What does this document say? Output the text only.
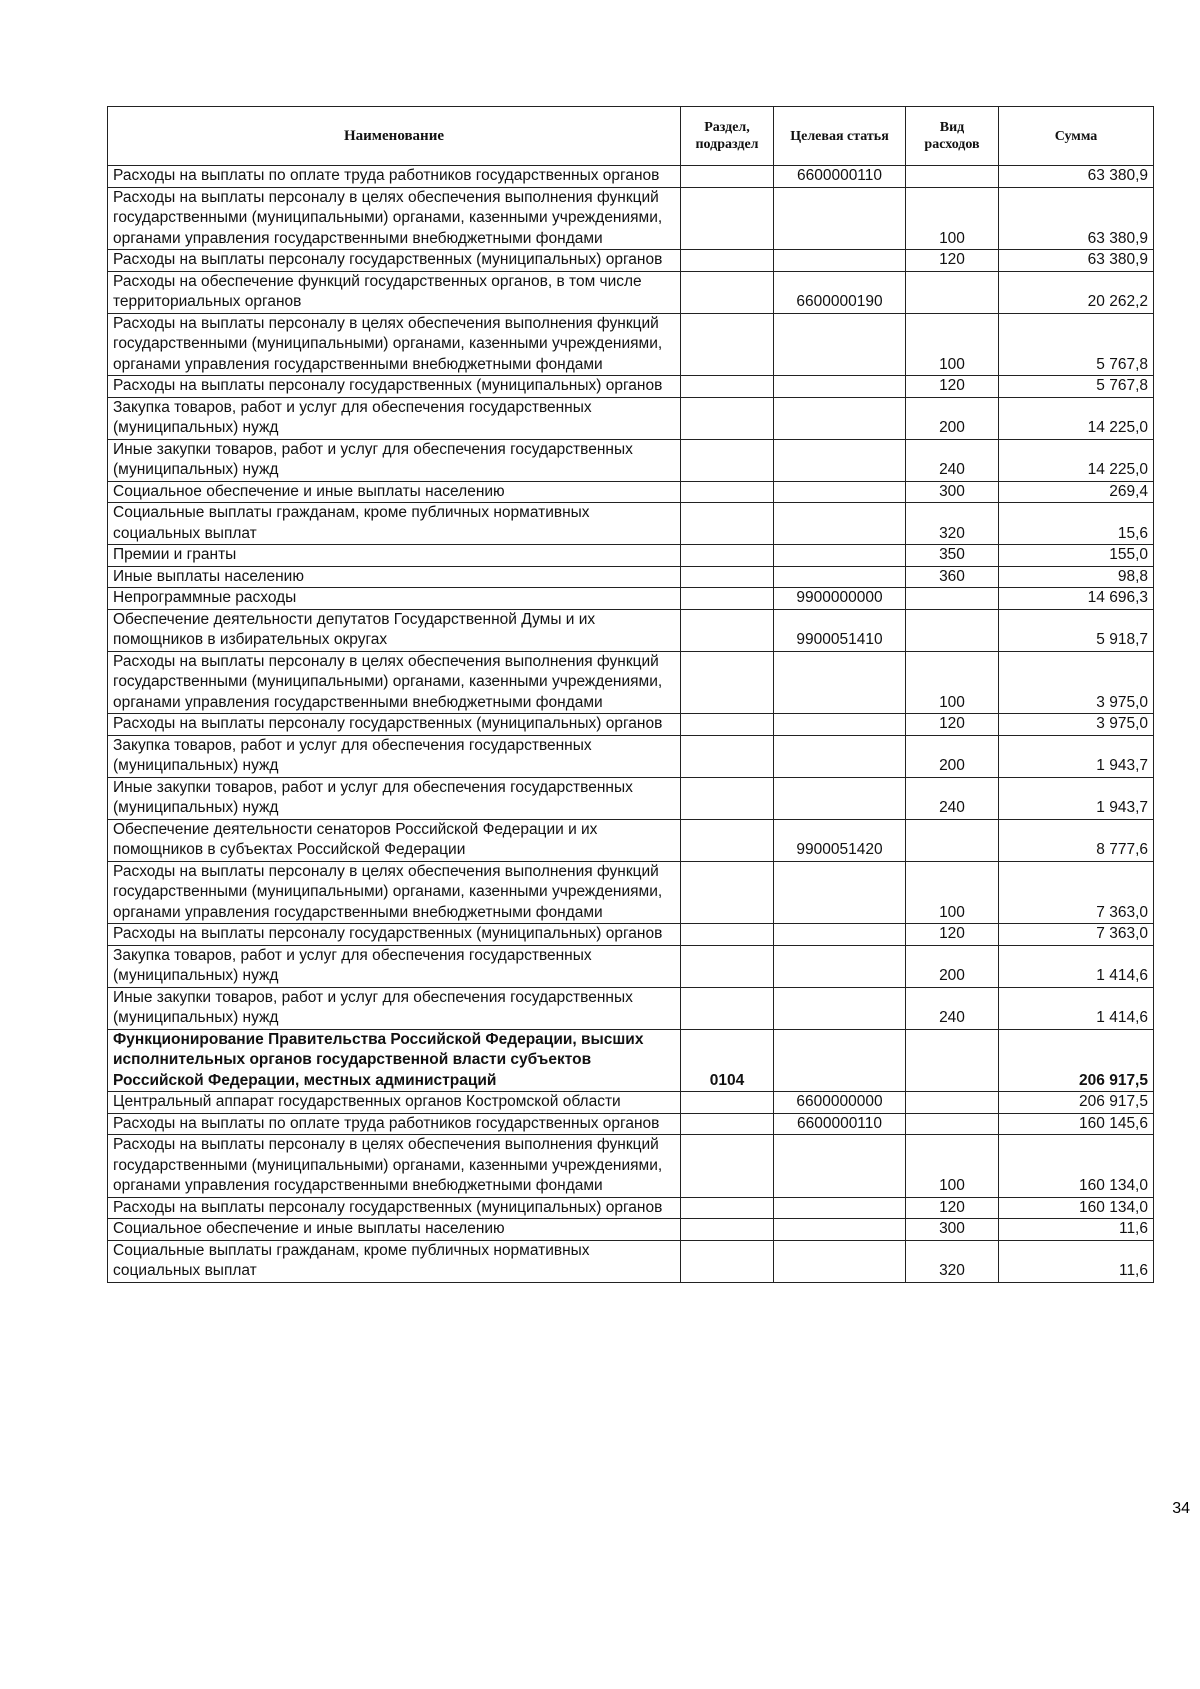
Наименование	Раздел, подраздел	Целевая статья	Вид расходов	Сумма
Расходы на выплаты по оплате труда работников государственных органов		6600000110		63 380,9
Расходы на выплаты персоналу в целях обеспечения выполнения функций государственными (муниципальными) органами, казенными учреждениями, органами управления государственными внебюджетными фондами			100	63 380,9
Расходы на выплаты персоналу государственных (муниципальных) органов			120	63 380,9
Расходы на обеспечение функций государственных органов, в том числе территориальных органов		6600000190		20 262,2
Расходы на выплаты персоналу в целях обеспечения выполнения функций государственными (муниципальными) органами, казенными учреждениями, органами управления государственными внебюджетными фондами			100	5 767,8
Расходы на выплаты персоналу государственных (муниципальных) органов			120	5 767,8
Закупка товаров, работ и услуг для обеспечения государственных (муниципальных) нужд			200	14 225,0
Иные закупки товаров, работ и услуг для обеспечения государственных (муниципальных) нужд			240	14 225,0
Социальное обеспечение и иные выплаты населению			300	269,4
Социальные выплаты гражданам, кроме публичных нормативных социальных выплат			320	15,6
Премии и гранты			350	155,0
Иные выплаты населению			360	98,8
Непрограммные расходы		9900000000		14 696,3
Обеспечение деятельности депутатов Государственной Думы и их помощников в избирательных округах		9900051410		5 918,7
Расходы на выплаты персоналу в целях обеспечения выполнения функций государственными (муниципальными) органами, казенными учреждениями, органами управления государственными внебюджетными фондами			100	3 975,0
Расходы на выплаты персоналу государственных (муниципальных) органов			120	3 975,0
Закупка товаров, работ и услуг для обеспечения государственных (муниципальных) нужд			200	1 943,7
Иные закупки товаров, работ и услуг для обеспечения государственных (муниципальных) нужд			240	1 943,7
Обеспечение деятельности сенаторов Российской Федерации и их помощников в субъектах Российской Федерации		9900051420		8 777,6
Расходы на выплаты персоналу в целях обеспечения выполнения функций государственными (муниципальными) органами, казенными учреждениями, органами управления государственными внебюджетными фондами			100	7 363,0
Расходы на выплаты персоналу государственных (муниципальных) органов			120	7 363,0
Закупка товаров, работ и услуг для обеспечения государственных (муниципальных) нужд			200	1 414,6
Иные закупки товаров, работ и услуг для обеспечения государственных (муниципальных) нужд			240	1 414,6
Функционирование Правительства Российской Федерации, высших исполнительных органов государственной власти субъектов Российской Федерации, местных администраций	0104			206 917,5
Центральный аппарат государственных органов Костромской области		6600000000		206 917,5
Расходы на выплаты по оплате труда работников государственных органов		6600000110		160 145,6
Расходы на выплаты персоналу в целях обеспечения выполнения функций государственными (муниципальными) органами, казенными учреждениями, органами управления государственными внебюджетными фондами			100	160 134,0
Расходы на выплаты персоналу государственных (муниципальных) органов			120	160 134,0
Социальное обеспечение и иные выплаты населению			300	11,6
Социальные выплаты гражданам, кроме публичных нормативных социальных выплат			320	11,6
34
